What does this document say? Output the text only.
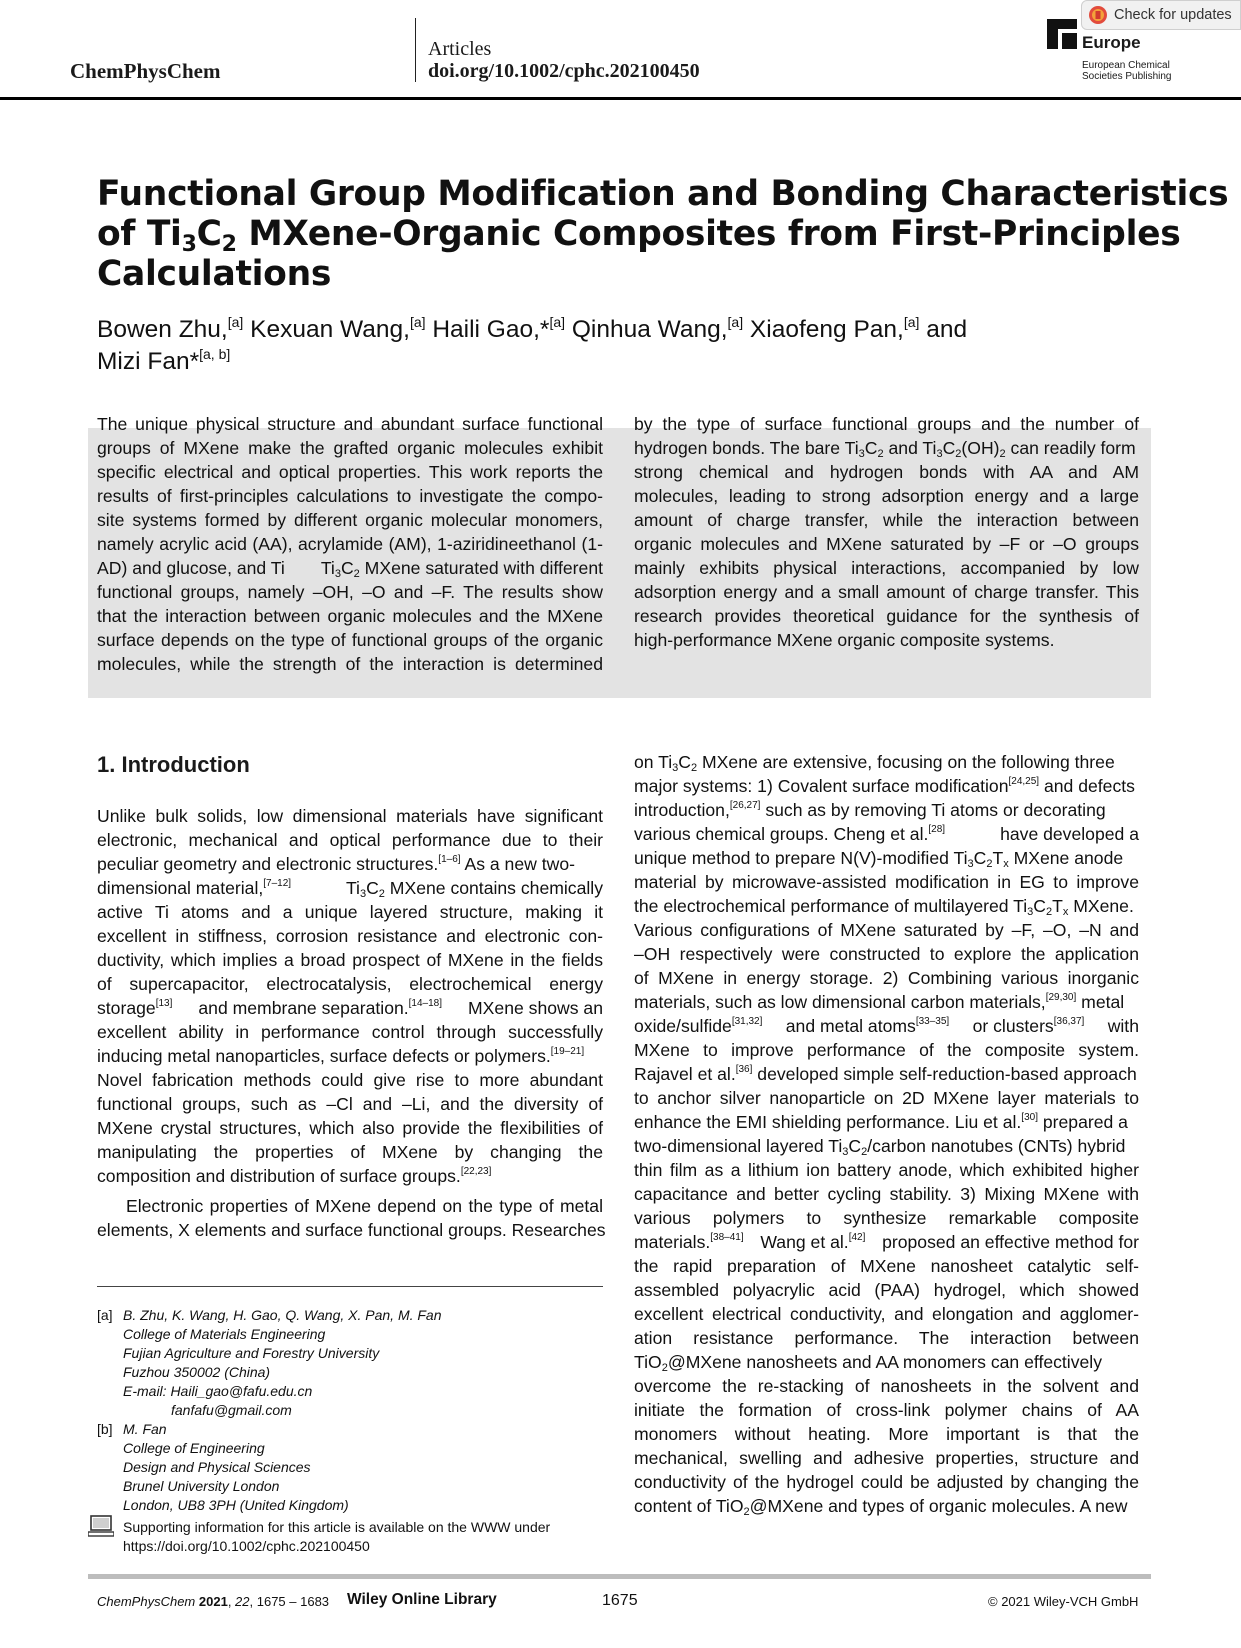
ChemPhysChem
Articles
doi.org/10.1002/cphc.202100450
Europe
European Chemical
Societies Publishing
Check for updates
Functional Group Modification and Bonding Characteristics
of $Ti_3C_2$ MXene-Organic Composites from First-Principles
Calculations
Bowen Zhu,[a] Kexuan Wang,[a] Haili Gao,*[a] Qinhua Wang,[a] Xiaofeng Pan,[a] and
Mizi Fan*[a, b]
The unique physical structure and abundant surface functional
groups of MXene make the grafted organic molecules exhibit
specific electrical and optical properties. This work reports the
results of first-principles calculations to investigate the compo-
site systems formed by different organic molecular monomers,
namely acrylic acid (AA), acrylamide (AM), 1-aziridineethanol (1-
AD) and glucose, and Ti $Ti_3C_2$ MXene saturated with different
functional groups, namely –OH, –O and –F. The results show
that the interaction between organic molecules and the MXene
surface depends on the type of functional groups of the organic
molecules, while the strength of the interaction is determined
by the type of surface functional groups and the number of
hydrogen bonds. The bare $Ti_3C_2$ and $Ti_3C_2(OH)_2$ can readily form
strong chemical and hydrogen bonds with AA and AM
molecules, leading to strong adsorption energy and a large
amount of charge transfer, while the interaction between
organic molecules and MXene saturated by –F or –O groups
mainly exhibits physical interactions, accompanied by low
adsorption energy and a small amount of charge transfer. This
research provides theoretical guidance for the synthesis of
high-performance MXene organic composite systems.
1. Introduction
Unlike bulk solids, low dimensional materials have significant
electronic, mechanical and optical performance due to their
peculiar geometry and electronic structures.[1–6] As a new two-
dimensional material,[7–12]	$Ti_3C_2$ MXene contains chemically
active Ti atoms and a unique layered structure, making it
excellent in stiffness, corrosion resistance and electronic con-
ductivity, which implies a broad prospect of MXene in the fields
of supercapacitor, electrocatalysis, electrochemical energy
storage[13] and membrane separation.[14–18] MXene shows an
excellent ability in performance control through successfully
inducing metal nanoparticles, surface defects or polymers.[19–21]
Novel fabrication methods could give rise to more abundant
functional groups, such as –Cl and –Li, and the diversity of
MXene crystal structures, which also provide the flexibilities of
manipulating the properties of MXene by changing the
composition and distribution of surface groups.[22,23]
Electronic properties of MXene depend on the type of metal
elements, X elements and surface functional groups. Researches
on $Ti_3C_2$ MXene are extensive, focusing on the following three
major systems: 1) Covalent surface modification[24,25] and defects
introduction,[26,27] such as by removing Ti atoms or decorating
various chemical groups. Cheng et al.[28]	have developed a
unique method to prepare N(V)-modified $Ti_3C_2T_x$ MXene anode
material by microwave-assisted modification in EG to improve
the electrochemical performance of multilayered $Ti_3C_2T_x$ MXene.
Various configurations of MXene saturated by –F, –O, –N and
–OH respectively were constructed to explore the application
of MXene in energy storage. 2) Combining various inorganic
materials, such as low dimensional carbon materials,[29,30] metal
oxide/sulfide[31,32] and metal atoms[33–35] or clusters[36,37] with
MXene to improve performance of the composite system.
Rajavel et al.[36] developed simple self-reduction-based approach
to anchor silver nanoparticle on 2D MXene layer materials to
enhance the EMI shielding performance. Liu et al.[30] prepared a
two-dimensional layered $Ti_3C_2$/carbon nanotubes (CNTs) hybrid
thin film as a lithium ion battery anode, which exhibited higher
capacitance and better cycling stability. 3) Mixing MXene with
various polymers to synthesize remarkable composite
materials.[38–41] Wang et al.[42] proposed an effective method for
the rapid preparation of MXene nanosheet catalytic self-
assembled polyacrylic acid (PAA) hydrogel, which showed
excellent electrical conductivity, and elongation and agglomer-
ation resistance performance. The interaction between
TiO$_2$@MXene nanosheets and AA monomers can effectively
overcome the re-stacking of nanosheets in the solvent and
initiate the formation of cross-link polymer chains of AA
monomers without heating. More important is that the
mechanical, swelling and adhesive properties, structure and
conductivity of the hydrogel could be adjusted by changing the
content of TiO$_2$@MXene and types of organic molecules. A new
[a] B. Zhu, K. Wang, H. Gao, Q. Wang, X. Pan, M. Fan
College of Materials Engineering
Fujian Agriculture and Forestry University
Fuzhou 350002 (China)
E-mail: Haili_gao@fafu.edu.cn
fanfafu@gmail.com
[b] M. Fan
College of Engineering
Design and Physical Sciences
Brunel University London
London, UB8 3PH (United Kingdom)
Supporting information for this article is available on the WWW under
https://doi.org/10.1002/cphc.202100450
ChemPhysChem 2021, 22, 1675 – 1683 Wiley Online Library	1675	© 2021 Wiley-VCH GmbH
